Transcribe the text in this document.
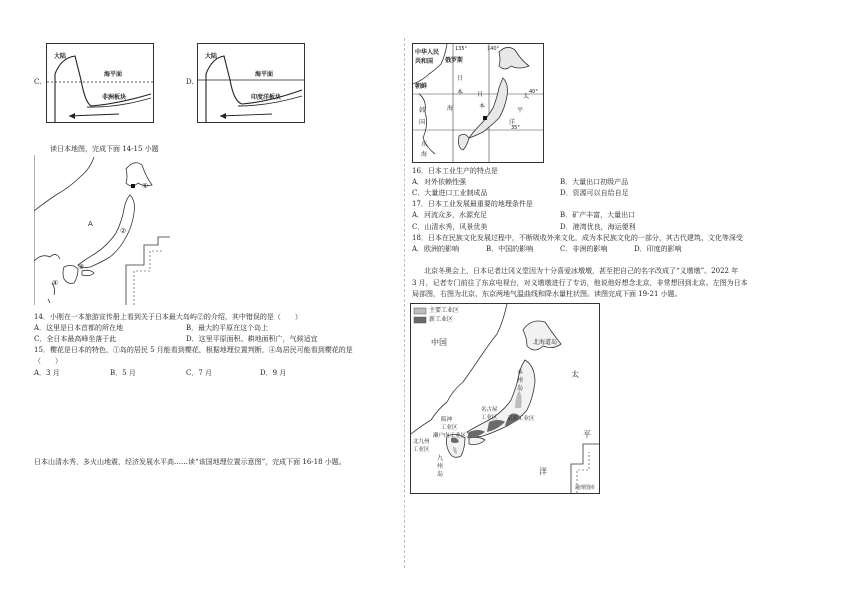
C.
大陆
海平面
非洲板块
D.
大陆
海平面
印度洋板块
读日本地图，完成下面 14-15 小题
A
①
②
③
④
14．小刚在一本旅游宣传册上看到关于日本最大岛屿②的介绍，其中错误的是（　　）
A．这里是日本首都的所在地	B．最大的平原在这个岛上
C．全日本最高峰坐落于此	D．这里平原面积、耕地面积广，气候适宜
15．樱花是日本的特色，①岛的居民 5 月能看到樱花，根据地理位置判断，④岛居民可能看到樱花的是
（　　）
A．3 月	B．5 月	C．7 月	D．9 月
日本山清水秀，多火山地震，经济发展水平高……读“该国地理位置示意图”，完成下面 16-18 小题。
中华人民
共和国 俄罗斯
朝鲜
韩
国
日
本
海
日
本
太
平
洋
东
海
135°	140°
40°
35°
16．日本工业生产的特点是
A．对外依赖性强	B．大量出口初级产品
C．大量进口工业制成品	D．资源可以自给自足
17．日本工业发展最重要的地理条件是
A．河流众多，水源充足	B．矿产丰富，大量出口
C．山清水秀，风景优美	D．港湾优良，海运便利
18．日本在民族文化发展过程中，不断吸收外来文化，成为本民族文化的一部分，其古代建筑、文化等深受
A．欧洲的影响	B．中国的影响	C．非洲的影响	D．印度的影响
北京冬奥会上，日本记者辻冈义堂因为十分喜爱冰墩墩，甚至把自己的名字改成了“义墩墩”。2022 年
3 月，记者专门前往了东京电视台，对义墩墩进行了专访，他说他好想念北京，非常想回到北京。左图为日本
局部图，右图为北京、东京两地气温曲线和降水量柱状图。读图完成下面 19-21 小题。
主要工业区
新工业区
中国	北海道岛
太
平
洋
本
州
岛
名古屋
工业区 京滨工业区
阪神
工业区
濑户内工业区
北九州
工业区
九
州
岛
地理图库
